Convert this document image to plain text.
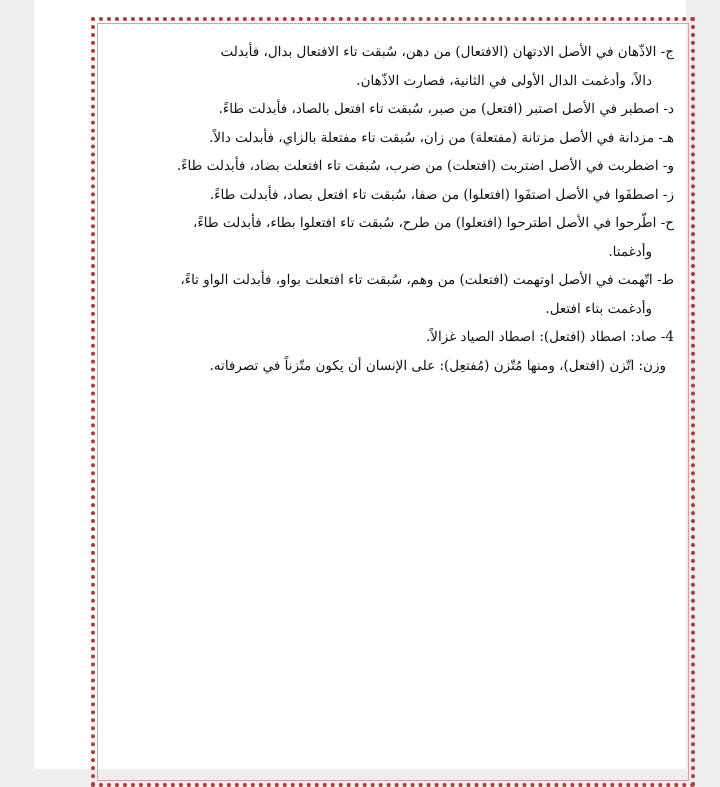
ج- الاذّهان في الأصل الادتهان (الافتعال) من دهن، سُبقت تاء الافتعال بدال، فأبدلت
دالاً، وأدغمت الدال الأولى في الثانية، فصارت الاذّهان.
د- اصطبر في الأصل اصتبر (افتعل) من صبر، سُبقت تاء افتعل بالصاد، فأبدلت طاءً.
هـ- مزدانة في الأصل مزتانة (مفتعلة) من زان، سُبقت تاء مفتعلة بالزاي، فأبدلت دالاً.
و- اضطربت في الأصل اضتربت (افتعلت) من ضرب، سُبقت تاء افتعلت بضاد، فأبدلت طاءً.
ز- اصطفَوا في الأصل اصتفَوا (افتعلوا) من صفا، سُبقت تاء افتعل بصاد، فأبدلت طاءً.
ح- اطّرحوا في الأصل اطترحوا (افتعلوا) من طرح، سُبقت تاء افتعلوا بطاء، فأبدلت طاءً،
وأدغمتا.
ط- اتّهمت في الأصل اوتهمت (افتعلت) من وهم، سُبقت تاء افتعلت بواو، فأبدلت الواو تاءً،
وأدغمت بتاء افتعل.
4- صاد: اصطاد (افتعل): اصطاد الصياد غزالاً.
وزن: اتّزن (افتعل)، ومنها مُتّزن (مُفتعِل): على الإنسان أن يكون متّزناً في تصرفاته.
